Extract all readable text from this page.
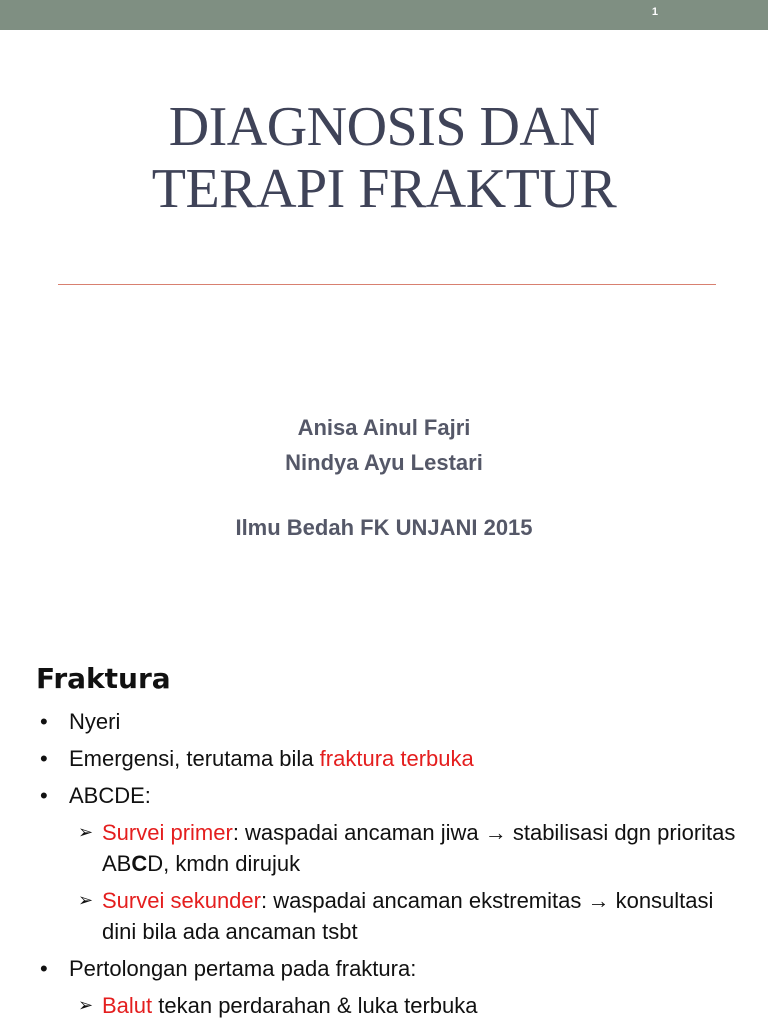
1
DIAGNOSIS DAN
TERAPI FRAKTUR
Anisa Ainul Fajri
Nindya Ayu Lestari
Ilmu Bedah FK UNJANI 2015
Fraktura
• Nyeri
• Emergensi, terutama bila fraktura terbuka
• ABCDE:
➢ Survei primer: waspadai ancaman jiwa → stabilisasi dgn prioritas ABCD, kmdn dirujuk
➢ Survei sekunder: waspadai ancaman ekstremitas → konsultasi dini bila ada ancaman tsbt
• Pertolongan pertama pada fraktura:
➢ Balut tekan perdarahan & luka terbuka
